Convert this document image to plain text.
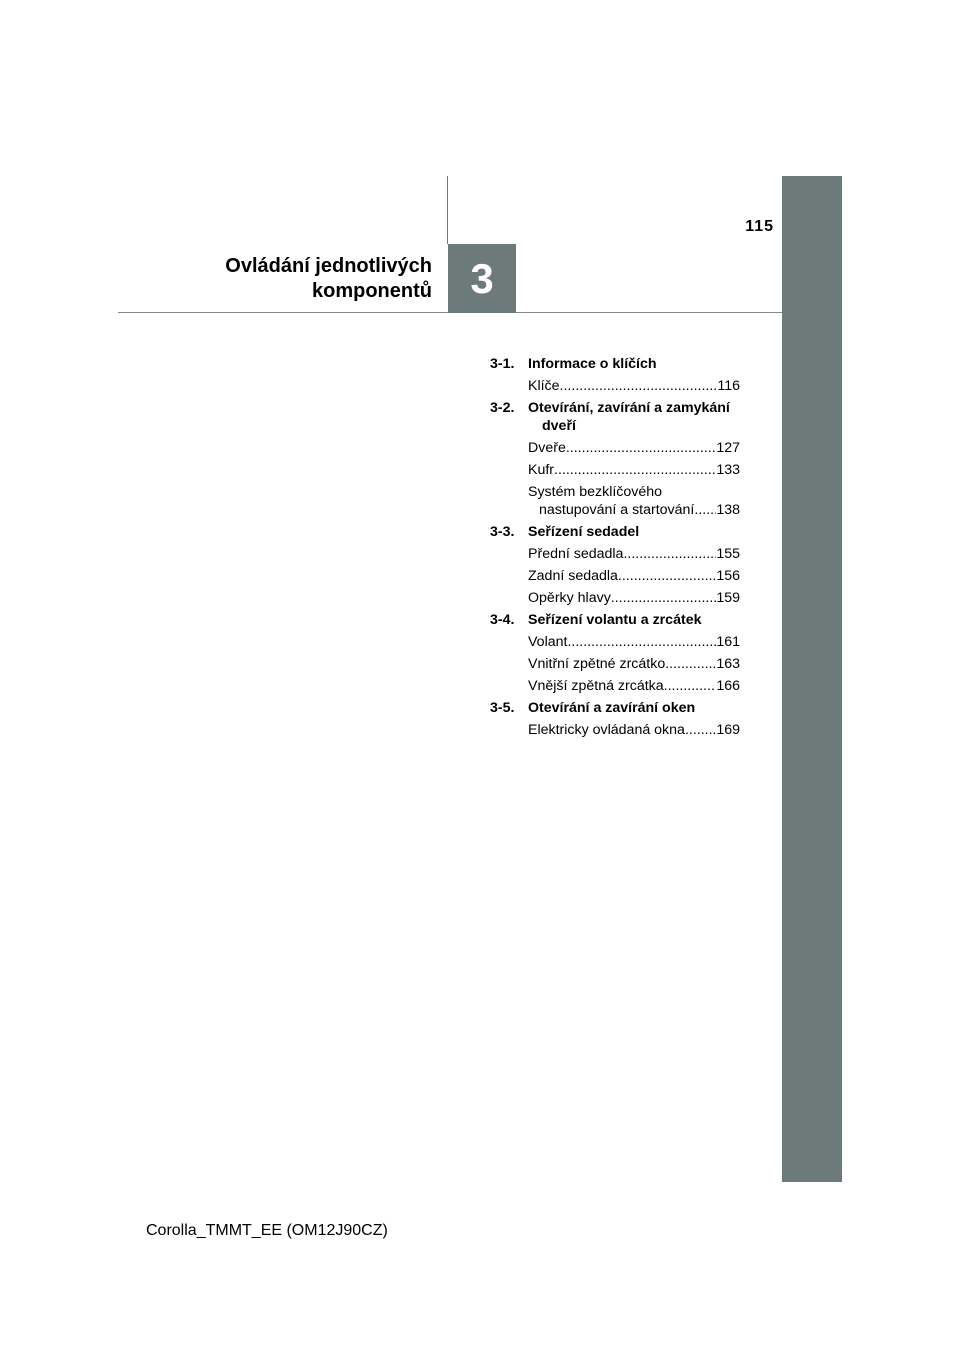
3
115
Ovládání jednotlivých
komponentů
3-1. Informace o klíčích
Klíče .....	116
3-2. Otevírání, zavírání a zamykání
dveří
Dveře .....	127
Kufr .....	133
Systém bezklíčového
nastupování a startování ..... 138
3-3. Seřízení sedadel
Přední sedadla .....	155
Zadní sedadla .....	156
Opěrky hlavy .....	159
3-4. Seřízení volantu a zrcátek
Volant .....	161
Vnitřní zpětné zrcátko .....	163
Vnější zpětná zrcátka .....	166
3-5. Otevírání a zavírání oken
Elektricky ovládaná okna ..... 169
Corolla_TMMT_EE (OM12J90CZ)
